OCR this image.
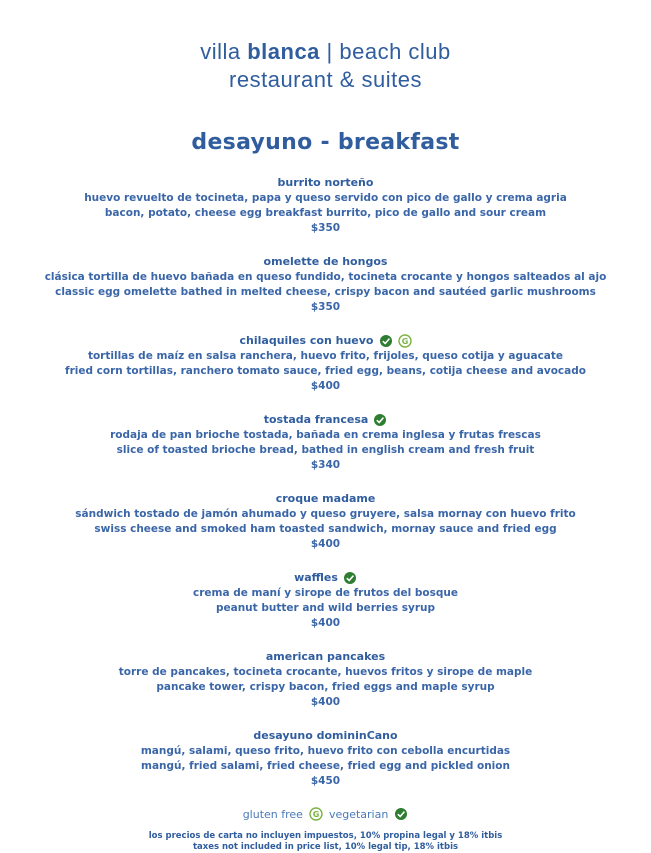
villa blanca | beach club
restaurant & suites
desayuno - breakfast
burrito norteño
huevo revuelto de tocineta, papa y queso servido con pico de gallo y crema agria
bacon, potato, cheese egg breakfast burrito, pico de gallo and sour cream
$350
omelette de hongos
clásica tortilla de huevo bañada en queso fundido, tocineta crocante y hongos salteados al ajo
classic egg omelette bathed in melted cheese, crispy bacon and sautéed garlic mushrooms
$350
chilaquiles con huevo	G
tortillas de maíz en salsa ranchera, huevo frito, frijoles, queso cotija y aguacate
fried corn tortillas, ranchero tomato sauce, fried egg, beans, cotija cheese and avocado
$400
tostada francesa
rodaja de pan brioche tostada, bañada en crema inglesa y frutas frescas
slice of toasted brioche bread, bathed in english cream and fresh fruit
$340
croque madame
sándwich tostado de jamón ahumado y queso gruyere, salsa mornay con huevo frito
swiss cheese and smoked ham toasted sandwich, mornay sauce and fried egg
$400
waffles
crema de maní y sirope de frutos del bosque
peanut butter and wild berries syrup
$400
american pancakes
torre de pancakes, tocineta crocante, huevos fritos y sirope de maple
pancake tower, crispy bacon, fried eggs and maple syrup
$400
desayuno domininCano
mangú, salami, queso frito, huevo frito con cebolla encurtidas
mangú, fried salami, fried cheese, fried egg and pickled onion
$450
gluten free G vegetarian
los precios de carta no incluyen impuestos, 10% propina legal y 18% itbis
taxes not included in price list, 10% legal tip, 18% itbis
